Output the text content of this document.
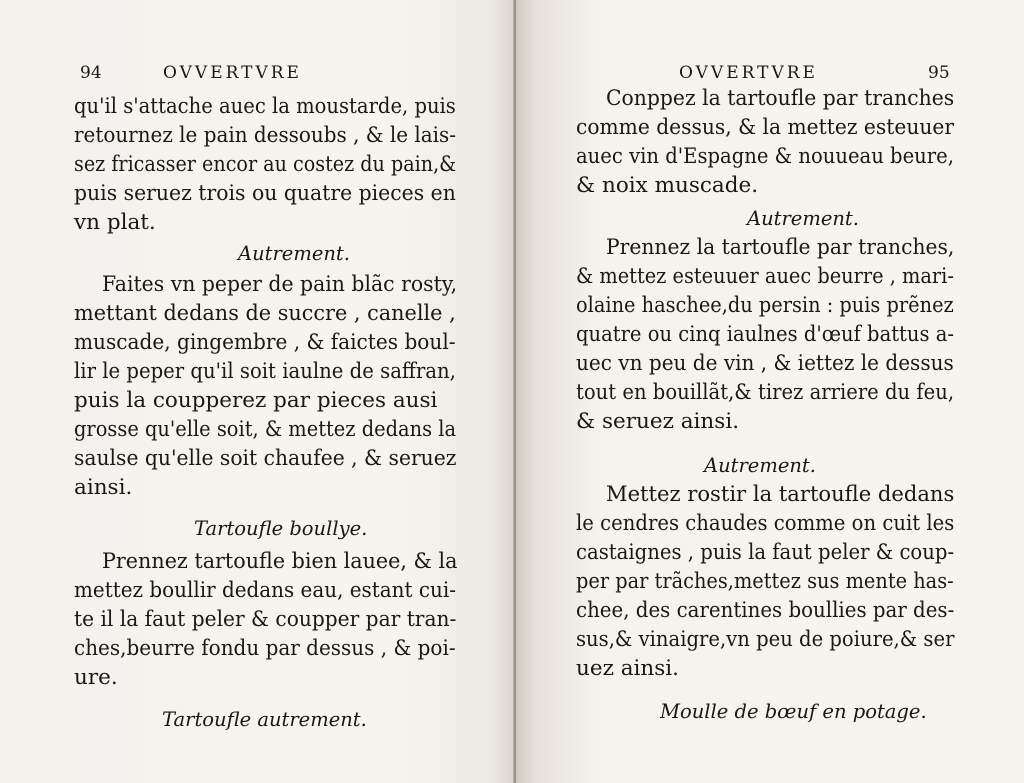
94	OVVERTVRE
qu'il s'attache auec la moustarde, puis
retournez le pain dessoubs , & le lais-
sez fricasser encor au costez du pain,&
puis seruez trois ou quatre pieces en
vn plat.
Autrement.
Faites vn peper de pain blãc rosty,
mettant dedans de succre , canelle ,
muscade, gingembre , & faictes boul-
lir le peper qu'il soit iaulne de saffran,
puis la coupperez par pieces ausi
grosse qu'elle soit, & mettez dedans la
saulse qu'elle soit chaufee , & seruez
ainsi.
Tartoufle boullye.
Prennez tartoufle bien lauee, & la
mettez boullir dedans eau, estant cui-
te il la faut peler & coupper par tran-
ches,beurre fondu par dessus , & poi-
ure.
Tartoufle autrement.
OVVERTVRE	95
Conppez la tartoufle par tranches
comme dessus, & la mettez esteuuer
auec vin d'Espagne & nouueau beure,
& noix muscade.
Autrement.
Prennez la tartoufle par tranches,
& mettez esteuuer auec beurre , mari-
olaine haschee,du persin : puis prẽnez
quatre ou cinq iaulnes d'œuf battus a-
uec vn peu de vin , & iettez le dessus
tout en bouillãt,& tirez arriere du feu,
& seruez ainsi.
Autrement.
Mettez rostir la tartoufle dedans
le cendres chaudes comme on cuit les
castaignes , puis la faut peler & coup-
per par trãches,mettez sus mente has-
chee, des carentines boullies par des-
sus,& vinaigre,vn peu de poiure,& ser
uez ainsi.
Moulle de bœuf en potage.
